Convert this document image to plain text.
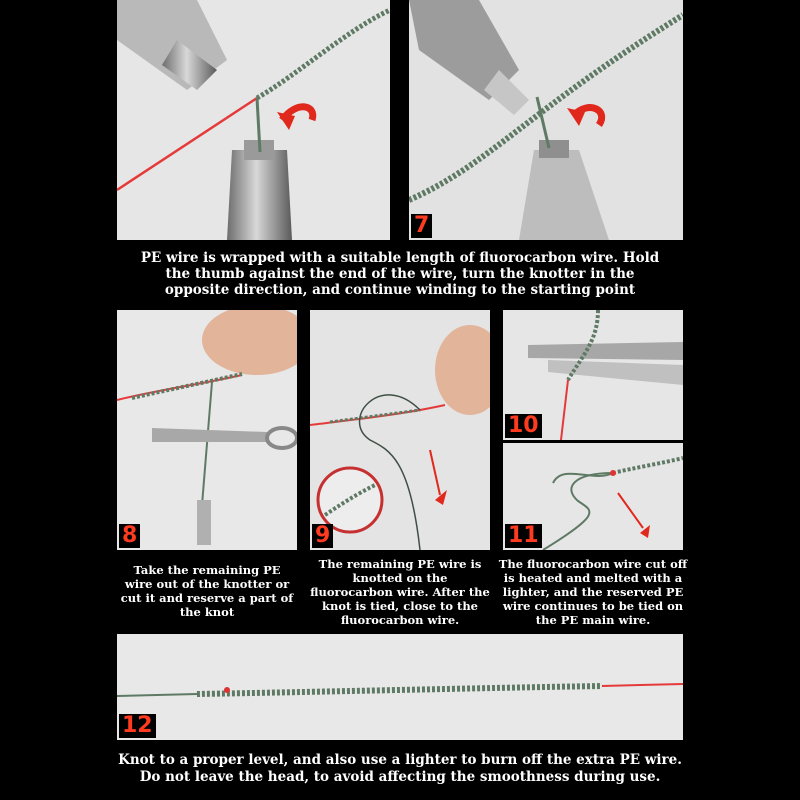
7
PE wire is wrapped with a suitable length of fluorocarbon wire. Hold the thumb against the end of the wire, turn the knotter in the opposite direction, and continue winding to the starting point
8	9
10
11
Take the remaining PE wire out of the knotter or cut it and reserve a part of the knot
The remaining PE wire is knotted on the fluorocarbon wire. After the knot is tied, close to the fluorocarbon wire.
The fluorocarbon wire cut off is heated and melted with a lighter, and the reserved PE wire continues to be tied on the PE main wire.
12
Knot to a proper level, and also use a lighter to burn off the extra PE wire. Do not leave the head, to avoid affecting the smoothness during use.
